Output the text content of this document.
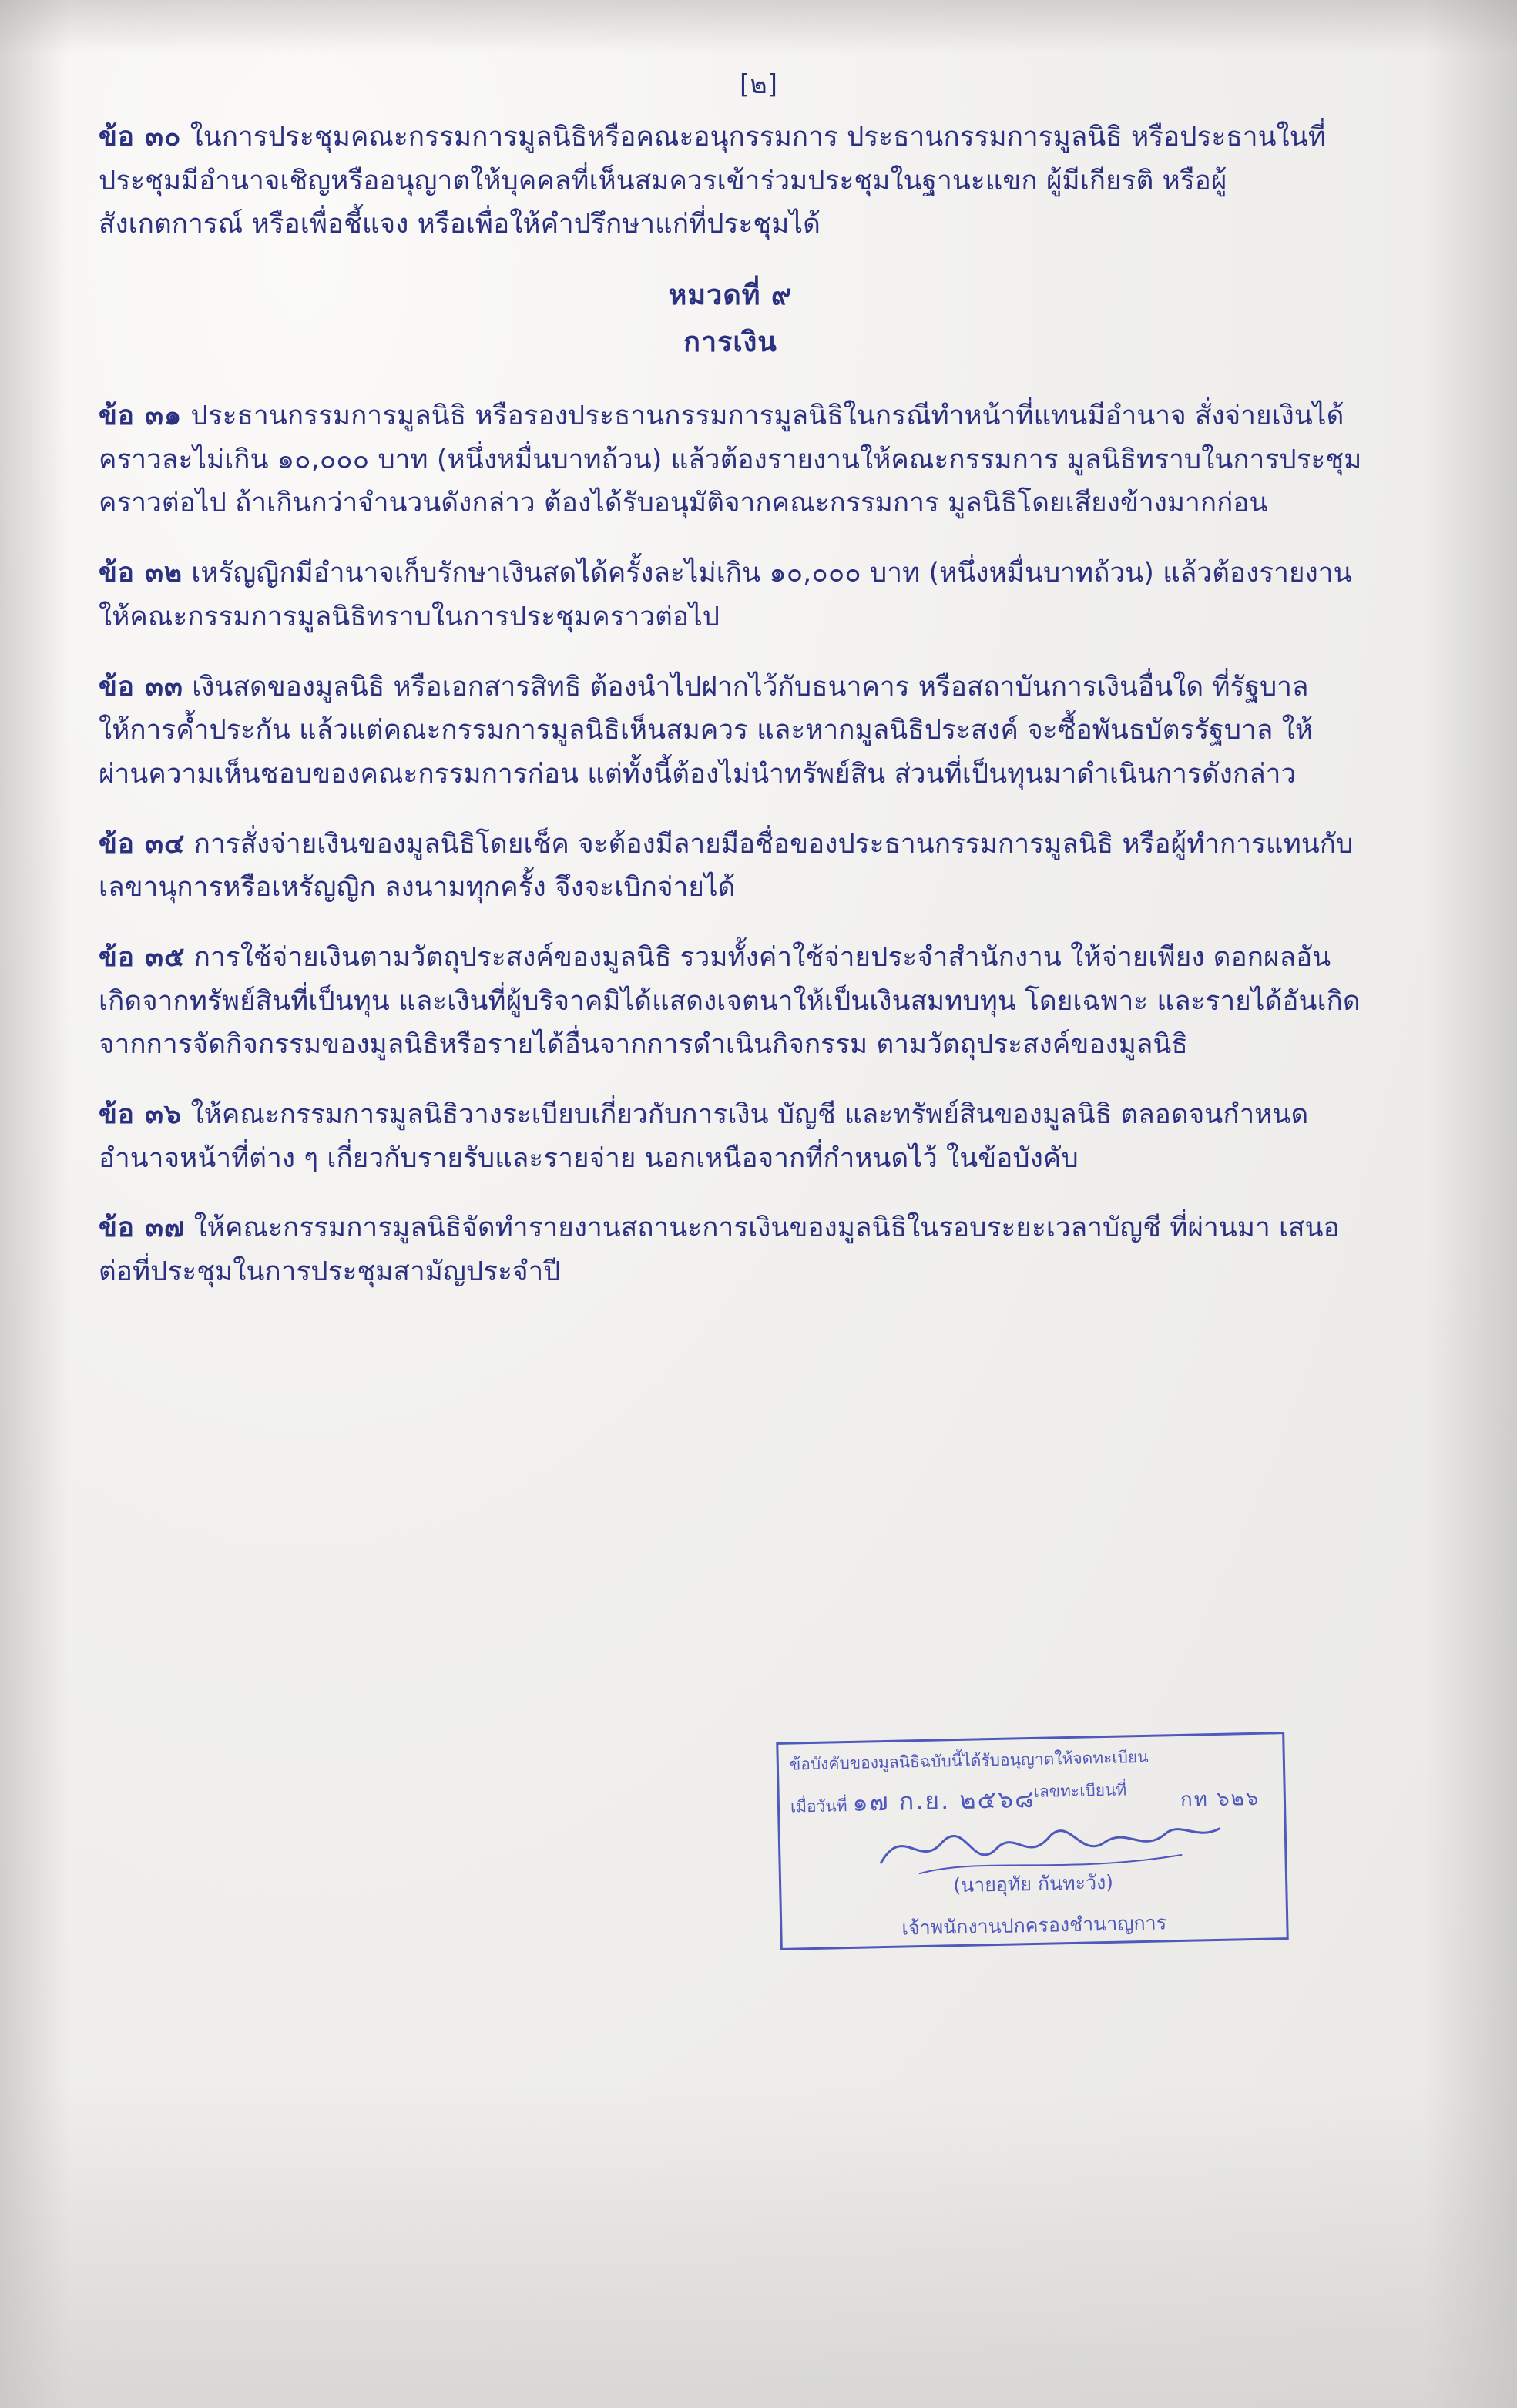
[๒]

ข้อ ๓๐ ในการประชุมคณะกรรมการมูลนิธิหรือคณะอนุกรรมการ ประธานกรรมการมูลนิธิ หรือประธานในที่ประชุมมีอำนาจเชิญหรืออนุญาตให้บุคคลที่เห็นสมควรเข้าร่วมประชุมในฐานะแขก ผู้มีเกียรติ หรือผู้สังเกตการณ์ หรือเพื่อชี้แจง หรือเพื่อให้คำปรึกษาแก่ที่ประชุมได้

หมวดที่ ๙
การเงิน

ข้อ ๓๑ ประธานกรรมการมูลนิธิ หรือรองประธานกรรมการมูลนิธิในกรณีทำหน้าที่แทนมีอำนาจ สั่งจ่ายเงินได้คราวละไม่เกิน ๑๐,๐๐๐ บาท (หนึ่งหมื่นบาทถ้วน) แล้วต้องรายงานให้คณะกรรมการ มูลนิธิทราบในการประชุมคราวต่อไป ถ้าเกินกว่าจำนวนดังกล่าว ต้องได้รับอนุมัติจากคณะกรรมการ มูลนิธิโดยเสียงข้างมากก่อน

ข้อ ๓๒ เหรัญญิกมีอำนาจเก็บรักษาเงินสดได้ครั้งละไม่เกิน ๑๐,๐๐๐ บาท (หนึ่งหมื่นบาทถ้วน) แล้วต้องรายงานให้คณะกรรมการมูลนิธิทราบในการประชุมคราวต่อไป

ข้อ ๓๓ เงินสดของมูลนิธิ หรือเอกสารสิทธิ ต้องนำไปฝากไว้กับธนาคาร หรือสถาบันการเงินอื่นใด ที่รัฐบาลให้การค้ำประกัน แล้วแต่คณะกรรมการมูลนิธิเห็นสมควร และหากมูลนิธิประสงค์ จะซื้อพันธบัตรรัฐบาล ให้ผ่านความเห็นชอบของคณะกรรมการก่อน แต่ทั้งนี้ต้องไม่นำทรัพย์สิน ส่วนที่เป็นทุนมาดำเนินการดังกล่าว

ข้อ ๓๔ การสั่งจ่ายเงินของมูลนิธิโดยเช็ค จะต้องมีลายมือชื่อของประธานกรรมการมูลนิธิ หรือผู้ทำการแทนกับเลขานุการหรือเหรัญญิก ลงนามทุกครั้ง จึงจะเบิกจ่ายได้

ข้อ ๓๕ การใช้จ่ายเงินตามวัตถุประสงค์ของมูลนิธิ รวมทั้งค่าใช้จ่ายประจำสำนักงาน ให้จ่ายเพียง ดอกผลอันเกิดจากทรัพย์สินที่เป็นทุน และเงินที่ผู้บริจาคมิได้แสดงเจตนาให้เป็นเงินสมทบทุน โดยเฉพาะ และรายได้อันเกิดจากการจัดกิจกรรมของมูลนิธิหรือรายได้อื่นจากการดำเนินกิจกรรม ตามวัตถุประสงค์ของมูลนิธิ

ข้อ ๓๖ ให้คณะกรรมการมูลนิธิวางระเบียบเกี่ยวกับการเงิน บัญชี และทรัพย์สินของมูลนิธิ ตลอดจนกำหนดอำนาจหน้าที่ต่าง ๆ เกี่ยวกับรายรับและรายจ่าย นอกเหนือจากที่กำหนดไว้ ในข้อบังคับ

ข้อ ๓๗ ให้คณะกรรมการมูลนิธิจัดทำรายงานสถานะการเงินของมูลนิธิในรอบระยะเวลาบัญชี ที่ผ่านมา เสนอต่อที่ประชุมในการประชุมสามัญประจำปี

ข้อบังคับของมูลนิธิฉบับนี้ได้รับอนุญาตให้จดทะเบียน
เมื่อวันที่ ๑๗ ก.ย. ๒๕๖๘
เลขทะเบียนที่	กท ๖๒๖
(นายอุทัย กันทะวัง)
เจ้าพนักงานปกครองชำนาญการ
